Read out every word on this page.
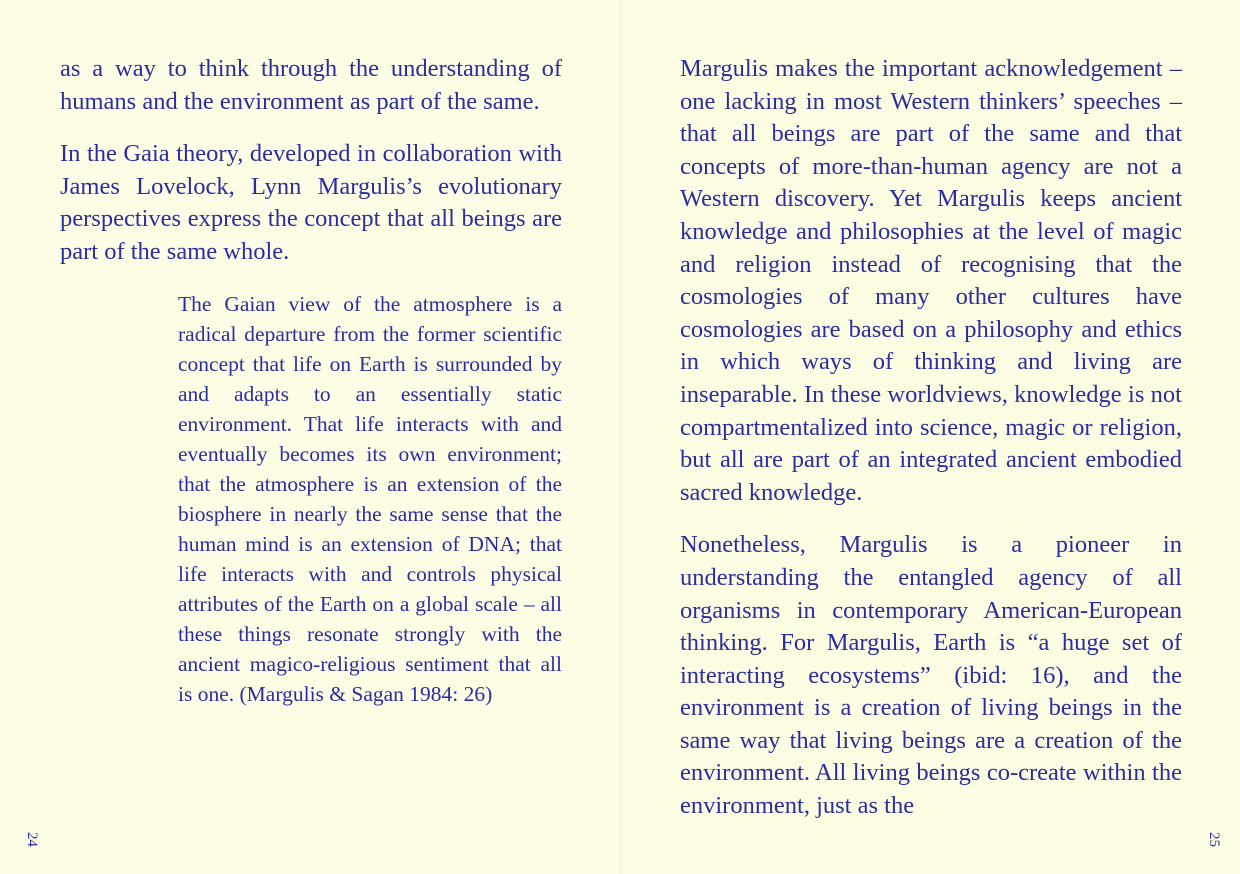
as a way to think through the understanding of humans and the environment as part of the same.

In the Gaia theory, developed in collaboration with James Lovelock, Lynn Margulis’s evolutionary perspectives express the concept that all beings are part of the same whole.

The Gaian view of the atmosphere is a radical departure from the former scientific concept that life on Earth is surrounded by and adapts to an essentially static environment. That life interacts with and eventually becomes its own environment; that the atmosphere is an extension of the biosphere in nearly the same sense that the human mind is an extension of DNA; that life interacts with and controls physical attributes of the Earth on a global scale – all these things resonate strongly with the ancient magico-religious sentiment that all is one. (Margulis & Sagan 1984: 26)

Margulis makes the important acknowledgement – one lacking in most Western thinkers’ speeches – that all beings are part of the same and that concepts of more-than-human agency are not a Western discovery. Yet Margulis keeps ancient knowledge and philosophies at the level of magic and religion instead of recognising that the cosmologies of many other cultures have cosmologies are based on a philosophy and ethics in which ways of thinking and living are inseparable. In these worldviews, knowledge is not compartmentalized into science, magic or religion, but all are part of an integrated ancient embodied sacred knowledge.

Nonetheless, Margulis is a pioneer in understanding the entangled agency of all organisms in contemporary American-European thinking. For Margulis, Earth is “a huge set of interacting ecosystems” (ibid: 16), and the environment is a creation of living beings in the same way that living beings are a creation of the environment. All living beings co-create within the environment, just as the

24	25
